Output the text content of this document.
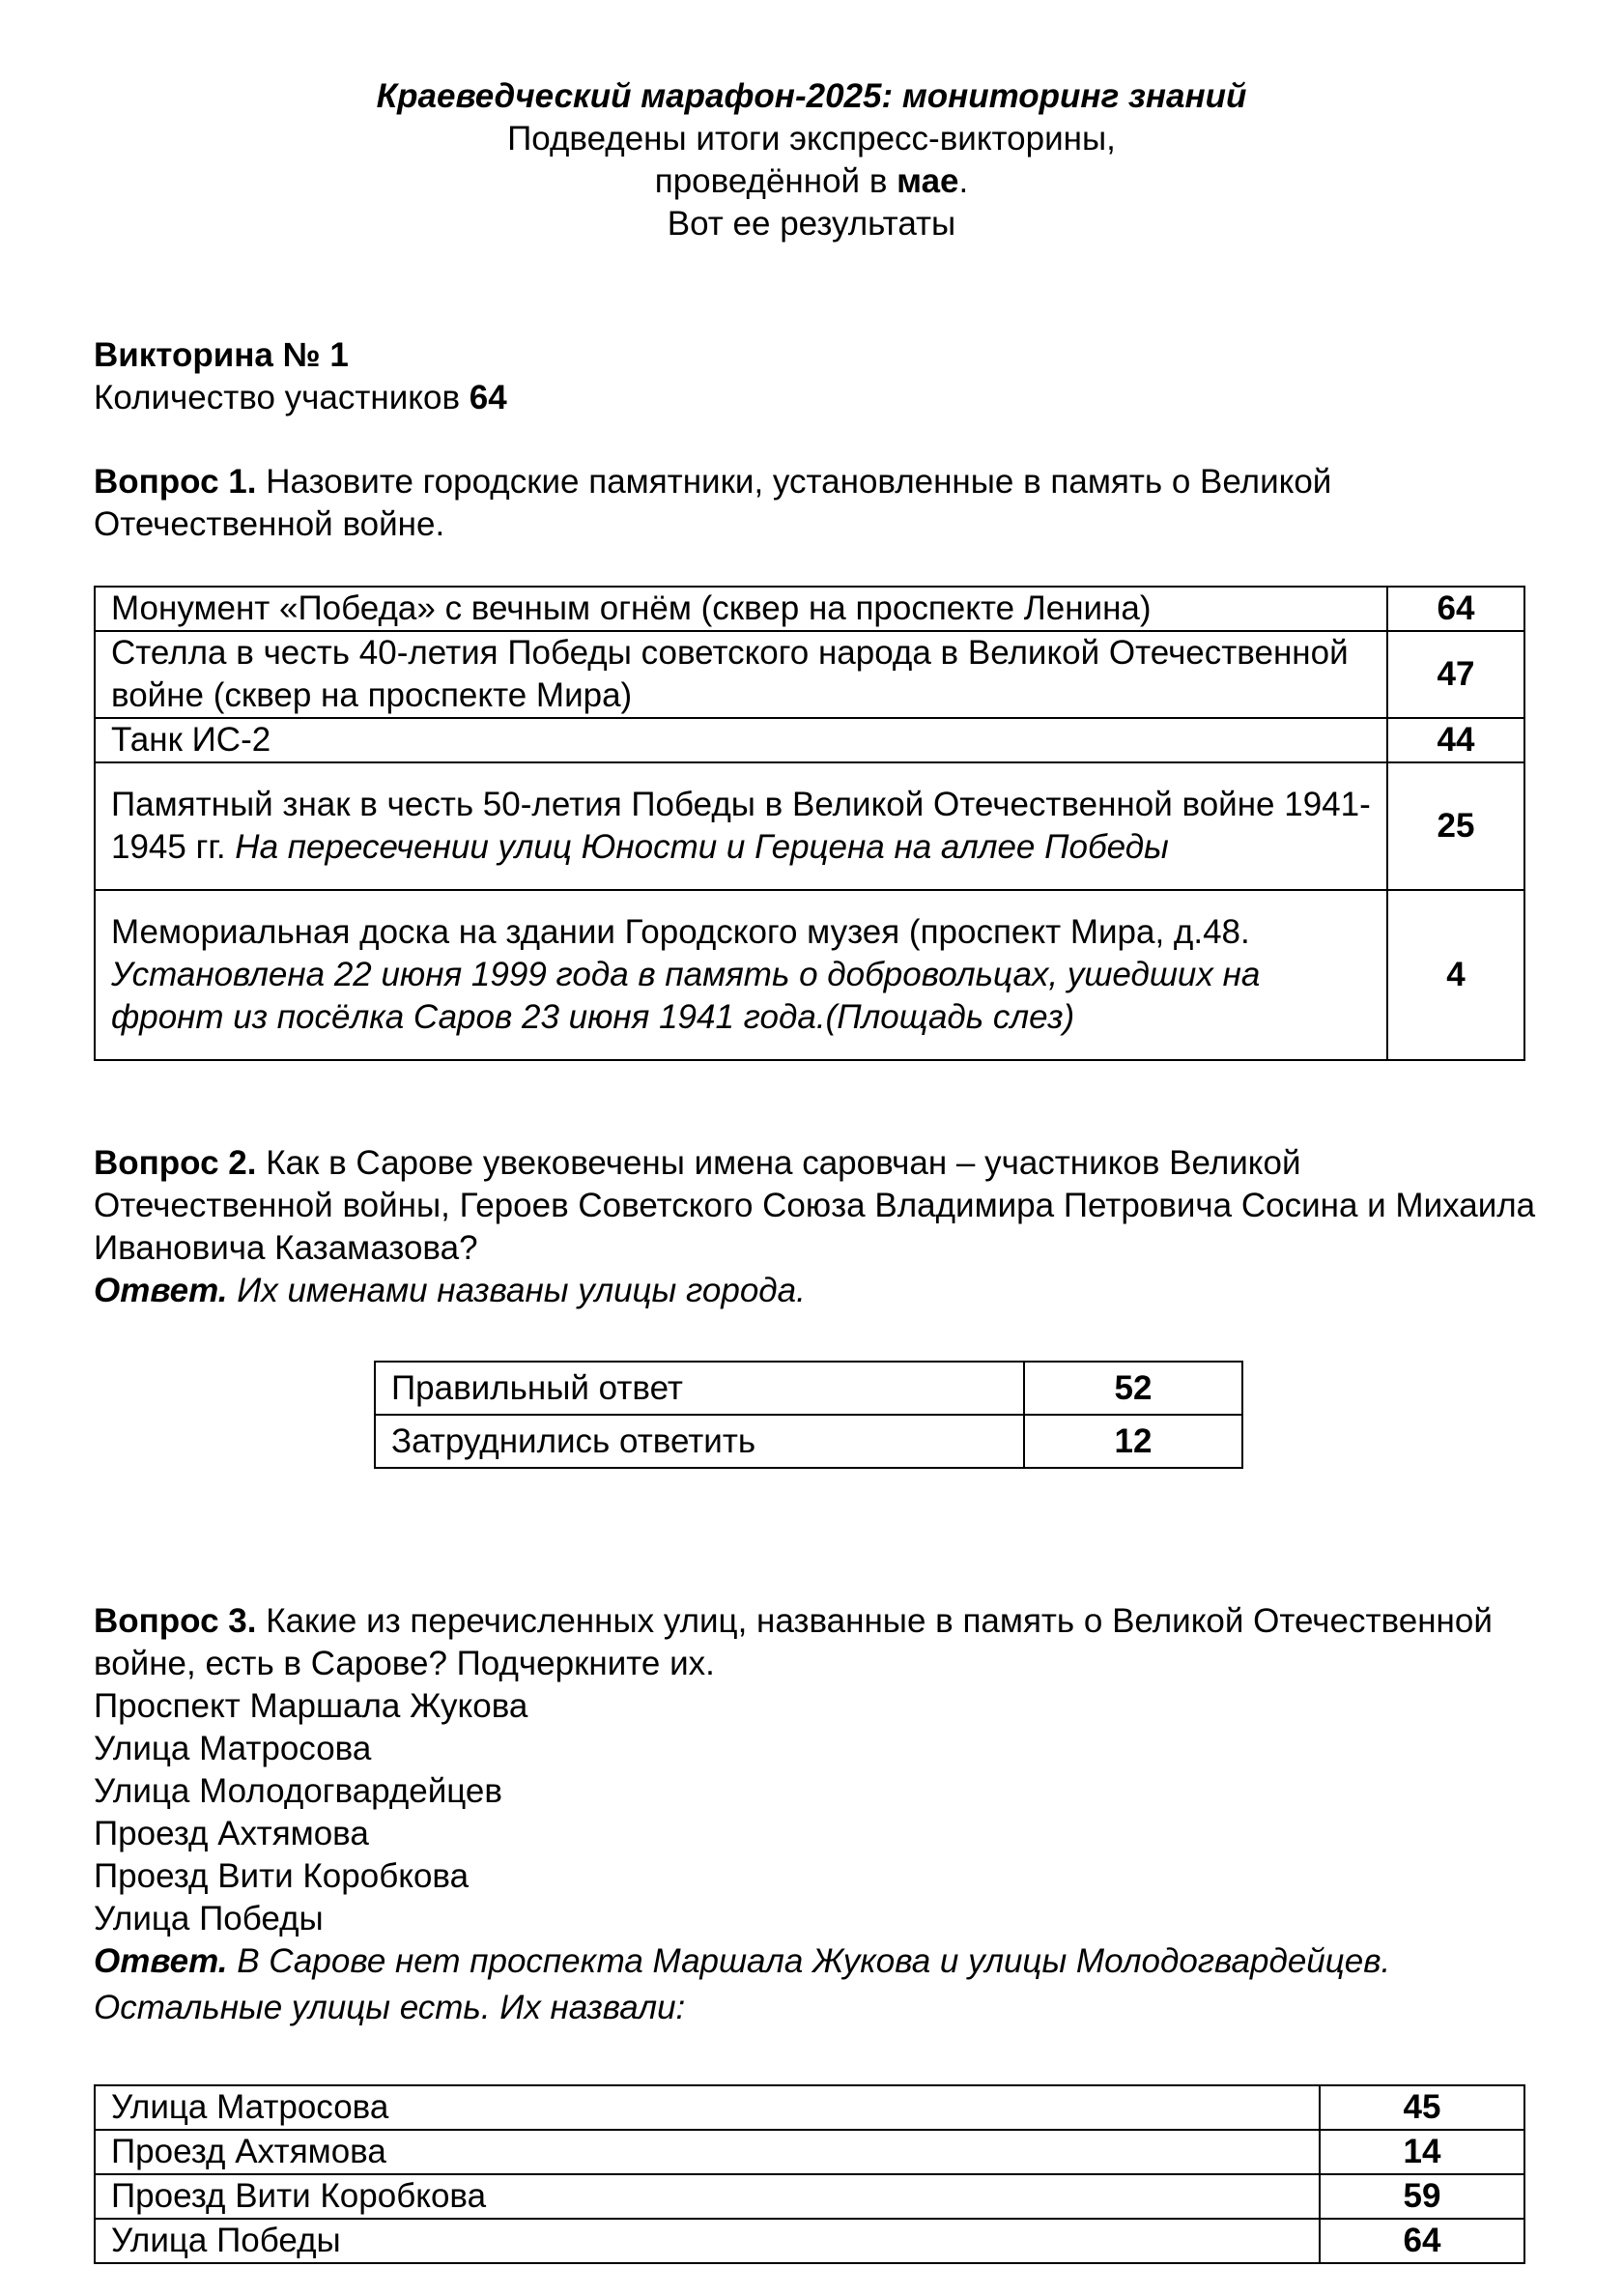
Краеведческий марафон-2025: мониторинг знаний
Подведены итоги экспресс-викторины,
проведённой в мае.
Вот ее результаты

Викторина № 1

Количество участников 64

Вопрос 1. Назовите городские памятники, установленные в память о Великой Отечественной войне.

Монумент «Победа» с вечным огнём (сквер на проспекте Ленина)	64
Стелла в честь 40-летия Победы советского народа в Великой Отечественной войне (сквер на проспекте Мира)	47
Танк ИС-2	44
Памятный знак в честь 50-летия Победы в Великой Отечественной войне 1941-1945 гг. На пересечении улиц Юности и Герцена на аллее Победы	25
Мемориальная доска на здании Городского музея (проспект Мира, д.48. Установлена 22 июня 1999 года в память о добровольцах, ушедших на фронт из посёлка Саров 23 июня 1941 года.(Площадь слез)	4

Вопрос 2. Как в Сарове увековечены имена саровчан – участников Великой Отечественной войны, Героев Советского Союза Владимира Петровича Сосина и Михаила Ивановича Казамазова?

Ответ. Их именами названы улицы города.

Правильный ответ	52
Затруднились ответить	12

Вопрос 3. Какие из перечисленных улиц, названные в память о Великой Отечественной войне, есть в Сарове? Подчеркните их.

Проспект Маршала Жукова

Улица Матросова

Улица Молодогвардейцев

Проезд Ахтямова

Проезд Вити Коробкова

Улица Победы

Ответ. В Сарове нет проспекта Маршала Жукова и улицы Молодогвардейцев.

Остальные улицы есть. Их назвали:

Улица Матросова	45
Проезд Ахтямова	14
Проезд Вити Коробкова	59
Улица Победы	64
